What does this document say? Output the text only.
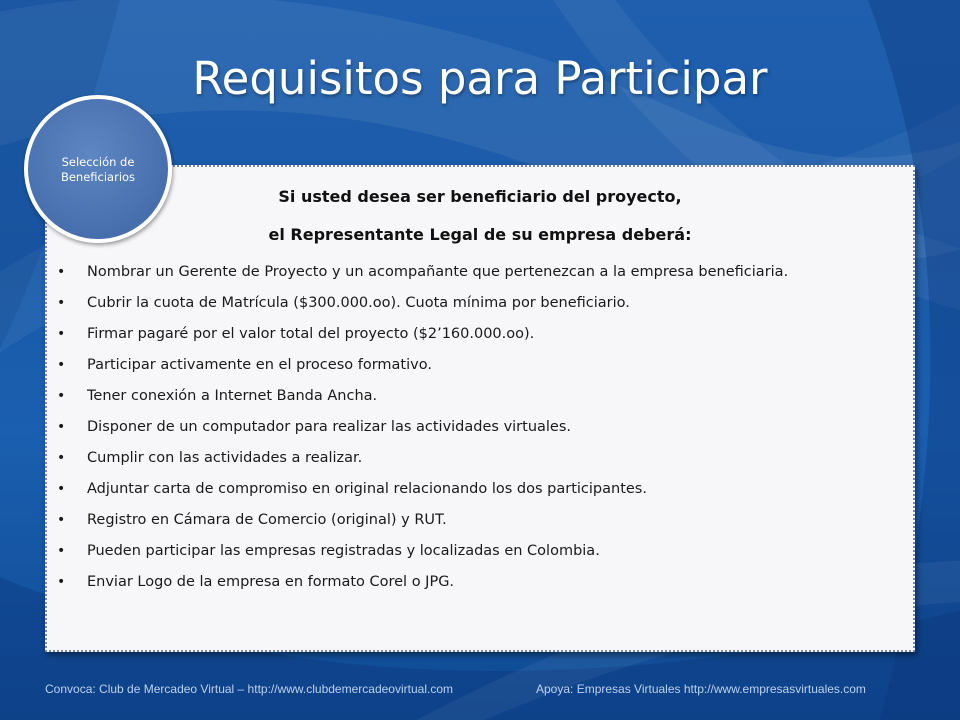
Requisitos para Participar
Si usted desea ser beneficiario del proyecto,
el Representante Legal de su empresa deberá:
•	Nombrar un Gerente de Proyecto y un acompañante que pertenezcan a la empresa beneficiaria.
•	Cubrir la cuota de Matrícula ($300.000.oo). Cuota mínima por beneficiario.
•	Firmar pagaré por el valor total del proyecto ($2’160.000.oo).
•	Participar activamente en el proceso formativo.
•	Tener conexión a Internet Banda Ancha.
•	Disponer de un computador para realizar las actividades virtuales.
•	Cumplir con las actividades a realizar.
•	Adjuntar carta de compromiso en original relacionando los dos participantes.
•	Registro en Cámara de Comercio (original) y RUT.
•	Pueden participar las empresas registradas y localizadas en Colombia.
•	Enviar Logo de la empresa en formato Corel o JPG.
Selección de Beneficiarios
Convoca: Club de Mercadeo Virtual – http://www.clubdemercadeovirtual.com	Apoya: Empresas Virtuales http://www.empresasvirtuales.com
